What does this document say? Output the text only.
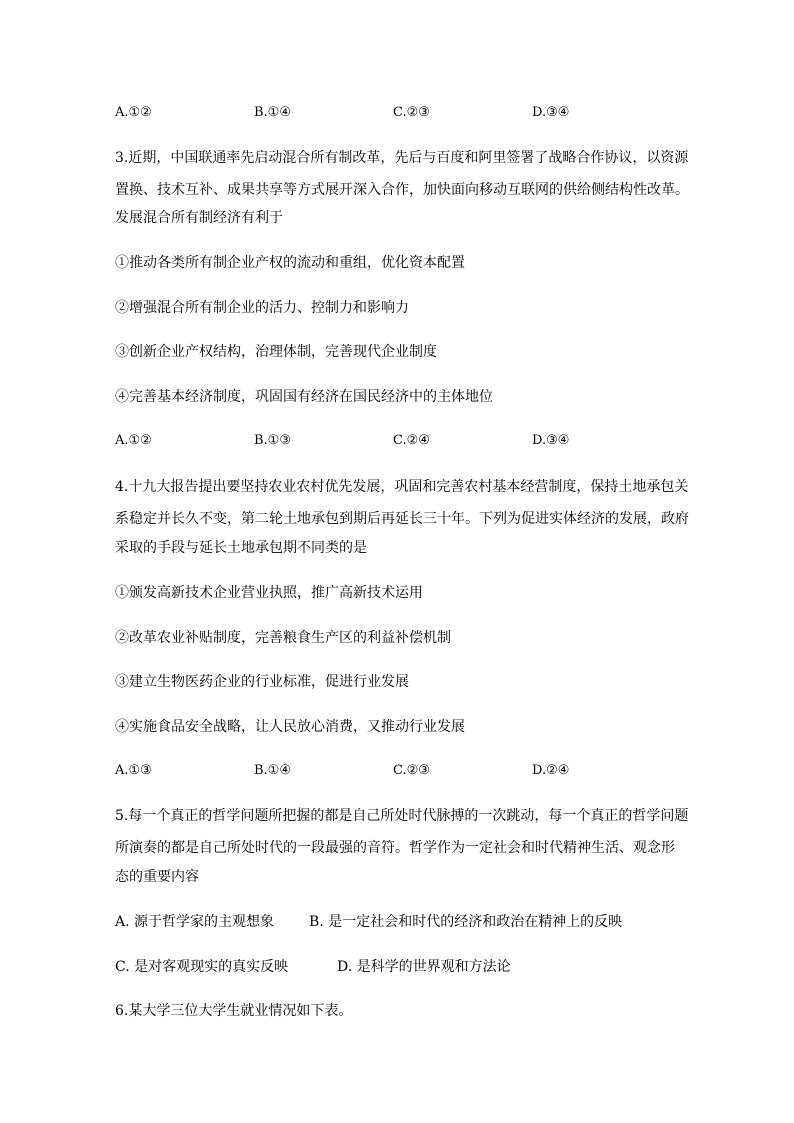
A.①②	B.①④	C.②③	D.③④
3.近期，中国联通率先启动混合所有制改革，先后与百度和阿里签署了战略合作协议，以资源
置换、技术互补、成果共享等方式展开深入合作，加快面向移动互联网的供给侧结构性改革。
发展混合所有制经济有利于
①推动各类所有制企业产权的流动和重组，优化资本配置
②增强混合所有制企业的活力、控制力和影响力
③创新企业产权结构，治理体制，完善现代企业制度
④完善基本经济制度，巩固国有经济在国民经济中的主体地位
A.①②	B.①③	C.②④	D.③④
4.十九大报告提出要坚持农业农村优先发展，巩固和完善农村基本经营制度，保持土地承包关
系稳定并长久不变，第二轮土地承包到期后再延长三十年。下列为促进实体经济的发展，政府
采取的手段与延长土地承包期不同类的是
①颁发高新技术企业营业执照，推广高新技术运用
②改革农业补贴制度，完善粮食生产区的利益补偿机制
③建立生物医药企业的行业标准，促进行业发展
④实施食品安全战略，让人民放心消费，又推动行业发展
A.①③	B.①④	C.②③	D.②④
5.每一个真正的哲学问题所把握的都是自己所处时代脉搏的一次跳动，每一个真正的哲学问题
所演奏的都是自己所处时代的一段最强的音符。哲学作为一定社会和时代精神生活、观念形
态的重要内容
A. 源于哲学家的主观想象 B. 是一定社会和时代的经济和政治在精神上的反映
C. 是对客观现实的真实反映	D. 是科学的世界观和方法论
6.某大学三位大学生就业情况如下表。
